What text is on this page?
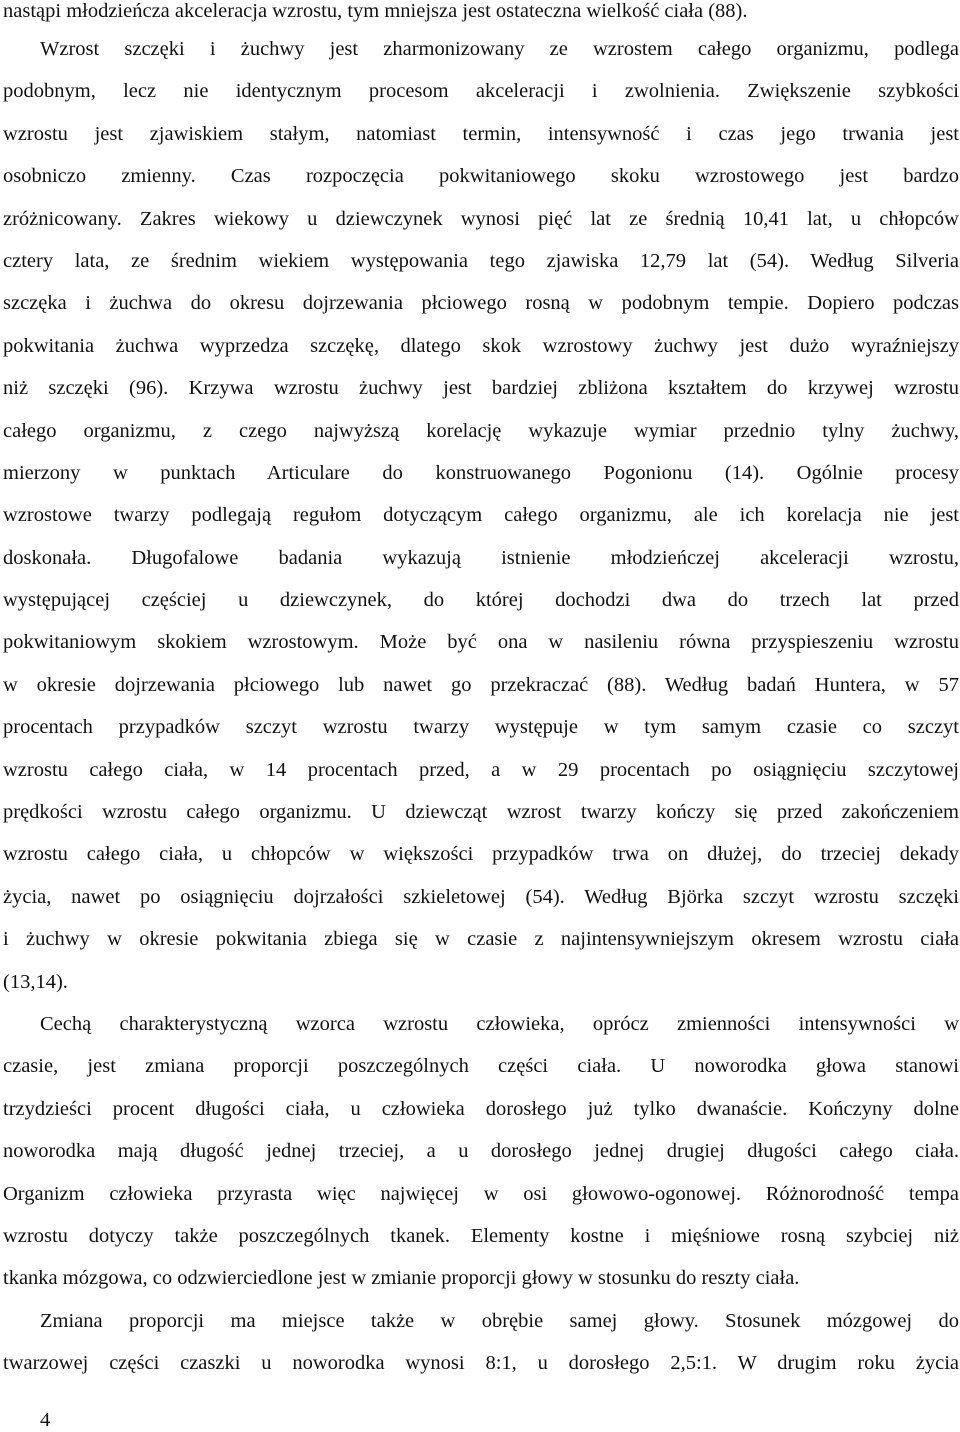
nastąpi młodzieńcza akceleracja wzrostu, tym mniejsza jest ostateczna wielkość ciała (88).
Wzrost szczęki i żuchwy jest zharmonizowany ze wzrostem całego organizmu, podlega
podobnym, lecz nie identycznym procesom akceleracji i zwolnienia. Zwiększenie szybkości
wzrostu jest zjawiskiem stałym, natomiast termin, intensywność i czas jego trwania jest
osobniczo zmienny. Czas rozpoczęcia pokwitaniowego skoku wzrostowego jest bardzo
zróżnicowany. Zakres wiekowy u dziewczynek wynosi pięć lat ze średnią 10,41 lat, u chłopców
cztery lata, ze średnim wiekiem występowania tego zjawiska 12,79 lat (54). Według Silveria
szczęka i żuchwa do okresu dojrzewania płciowego rosną w podobnym tempie. Dopiero podczas
pokwitania żuchwa wyprzedza szczękę, dlatego skok wzrostowy żuchwy jest dużo wyraźniejszy
niż szczęki (96). Krzywa wzrostu żuchwy jest bardziej zbliżona kształtem do krzywej wzrostu
całego organizmu, z czego najwyższą korelację wykazuje wymiar przednio tylny żuchwy,
mierzony w punktach Articulare do konstruowanego Pogonionu (14). Ogólnie procesy
wzrostowe twarzy podlegają regułom dotyczącym całego organizmu, ale ich korelacja nie jest
doskonała. Długofalowe badania wykazują istnienie młodzieńczej akceleracji wzrostu,
występującej częściej u dziewczynek, do której dochodzi dwa do trzech lat przed
pokwitaniowym skokiem wzrostowym. Może być ona w nasileniu równa przyspieszeniu wzrostu
w okresie dojrzewania płciowego lub nawet go przekraczać (88). Według badań Huntera, w 57
procentach przypadków szczyt wzrostu twarzy występuje w tym samym czasie co szczyt
wzrostu całego ciała, w 14 procentach przed, a w 29 procentach po osiągnięciu szczytowej
prędkości wzrostu całego organizmu. U dziewcząt wzrost twarzy kończy się przed zakończeniem
wzrostu całego ciała, u chłopców w większości przypadków trwa on dłużej, do trzeciej dekady
życia, nawet po osiągnięciu dojrzałości szkieletowej (54). Według Björka szczyt wzrostu szczęki
i żuchwy w okresie pokwitania zbiega się w czasie z najintensywniejszym okresem wzrostu ciała
(13,14).
Cechą charakterystyczną wzorca wzrostu człowieka, oprócz zmienności intensywności w
czasie, jest zmiana proporcji poszczególnych części ciała. U noworodka głowa stanowi
trzydzieści procent długości ciała, u człowieka dorosłego już tylko dwanaście. Kończyny dolne
noworodka mają długość jednej trzeciej, a u dorosłego jednej drugiej długości całego ciała.
Organizm człowieka przyrasta więc najwięcej w osi głowowo-ogonowej. Różnorodność tempa
wzrostu dotyczy także poszczególnych tkanek. Elementy kostne i mięśniowe rosną szybciej niż
tkanka mózgowa, co odzwierciedlone jest w zmianie proporcji głowy w stosunku do reszty ciała.
Zmiana proporcji ma miejsce także w obrębie samej głowy. Stosunek mózgowej do
twarzowej części czaszki u noworodka wynosi 8:1, u dorosłego 2,5:1. W drugim roku życia
4
